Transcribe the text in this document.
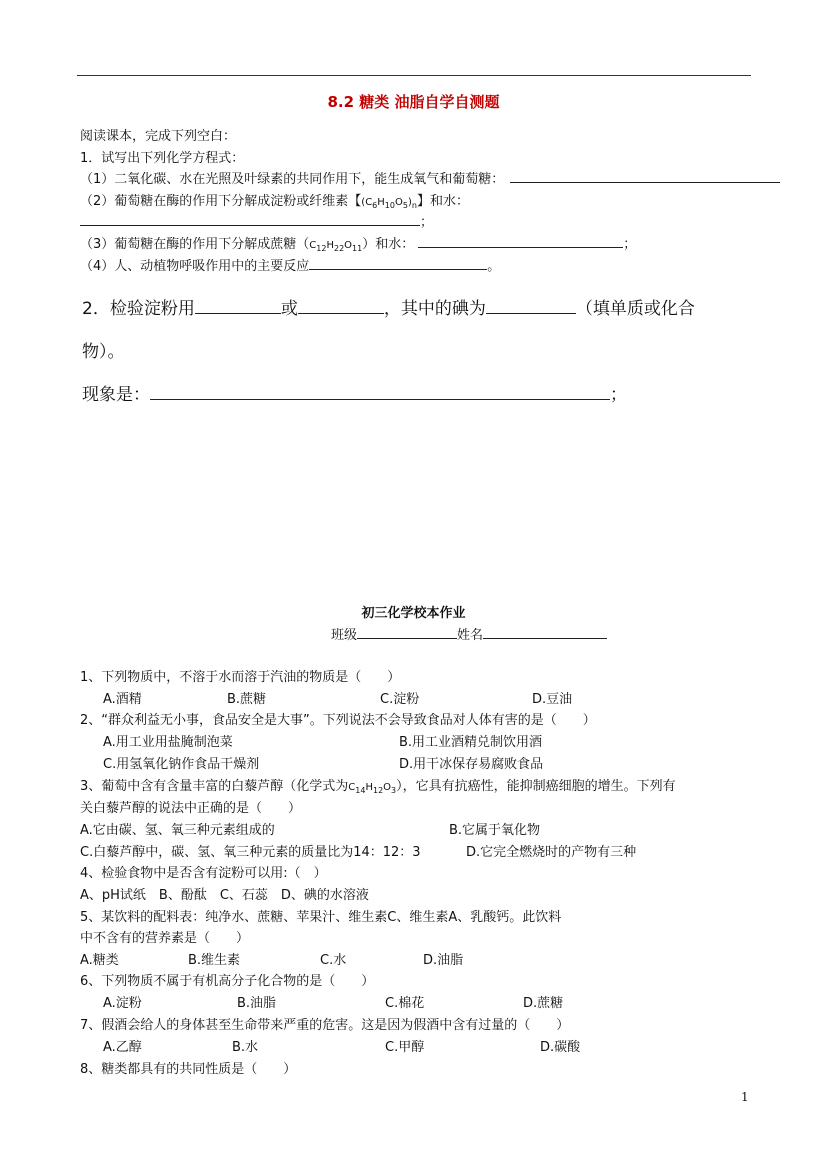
8.2 糖类 油脂自学自测题
阅读课本，完成下列空白：
1．试写出下列化学方程式：
（1）二氧化碳、水在光照及叶绿素的共同作用下，能生成氧气和葡萄糖：
（2）葡萄糖在酶的作用下分解成淀粉或纤维素【$(C_6H_{10}O_5)_n$】和水：
；
（3）葡萄糖在酶的作用下分解成蔗糖$(C_{12}H_{22}O_{11})$和水：	；
（4）人、动植物呼吸作用中的主要反应	。
2．检验淀粉用	或	，其中的碘为	（填单质或化合
物）。
现象是：	；
初三化学校本作业
班级	姓名
1、下列物质中，不溶于水而溶于汽油的物质是（　　）
A.酒精	B.蔗糖	C.淀粉	D.豆油
2、“群众利益无小事，食品安全是大事”。下列说法不会导致食品对人体有害的是（　　）
A.用工业用盐腌制泡菜	B.用工业酒精兑制饮用酒
C.用氢氧化钠作食品干燥剂	D.用干冰保存易腐败食品
3、葡萄中含有含量丰富的白藜芦醇（化学式为$C_{14}H_{12}O_3$），它具有抗癌性，能抑制癌细胞的增生。下列有
关白藜芦醇的说法中正确的是（　　）
A.它由碳、氢、氧三种元素组成的	B.它属于氧化物
C.白藜芦醇中，碳、氢、氧三种元素的质量比为14：12：3	D.它完全燃烧时的产物有三种
4、检验食物中是否含有淀粉可以用:（　）
A、pH试纸　B、酚酞　C、石蕊　D、碘的水溶液
5、某饮料的配料表：纯净水、蔗糖、苹果汁、维生素C、维生素A、乳酸钙。此饮料
中不含有的营养素是（　　）
A.糖类	B.维生素	C.水	D.油脂
6、下列物质不属于有机高分子化合物的是（　　）
A.淀粉	B.油脂	C.棉花	D.蔗糖
7、假酒会给人的身体甚至生命带来严重的危害。这是因为假酒中含有过量的（　　）
A.乙醇	B.水	C.甲醇	D.碳酸
8、糖类都具有的共同性质是（　　）
1
